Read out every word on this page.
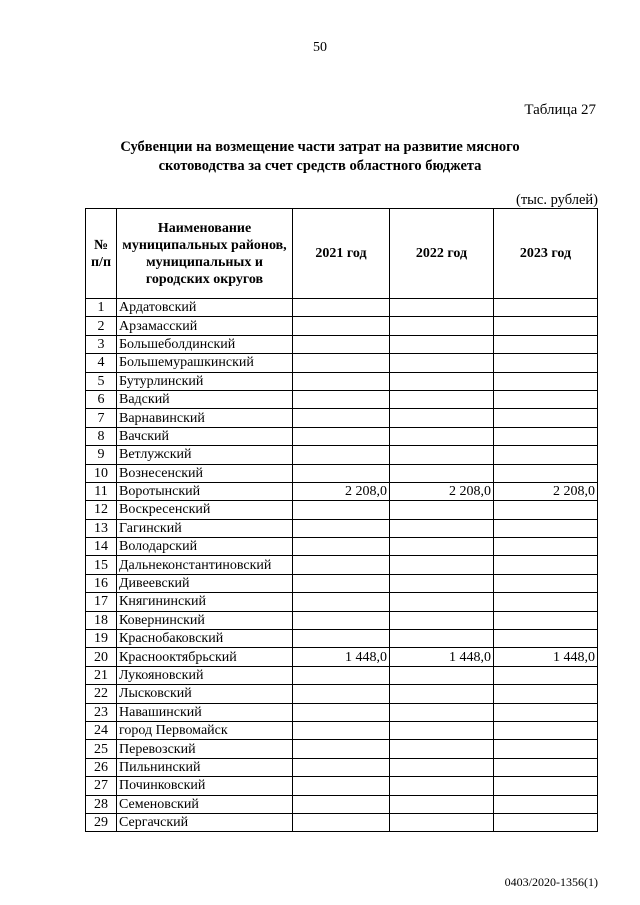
50
Таблица 27
Субвенции на возмещение части затрат на развитие мясного
скотоводства за счет средств областного бюджета
(тыс. рублей)
№ п/п	Наименование муниципальных районов, муниципальных и городских округов	2021 год	2022 год	2023 год
1	Ардатовский			
2	Арзамасский			
3	Большеболдинский			
4	Большемурашкинский			
5	Бутурлинский			
6	Вадский			
7	Варнавинский			
8	Вачский			
9	Ветлужский			
10	Вознесенский			
11	Воротынский	2 208,0	2 208,0	2 208,0
12	Воскресенский			
13	Гагинский			
14	Володарский			
15	Дальнеконстантиновский			
16	Дивеевский			
17	Княгининский			
18	Ковернинский			
19	Краснобаковский			
20	Краснооктябрьский	1 448,0	1 448,0	1 448,0
21	Лукояновский			
22	Лысковский			
23	Навашинский			
24	город Первомайск			
25	Перевозский			
26	Пильнинский			
27	Починковский			
28	Семеновский			
29	Сергачский			
0403/2020-1356(1)
